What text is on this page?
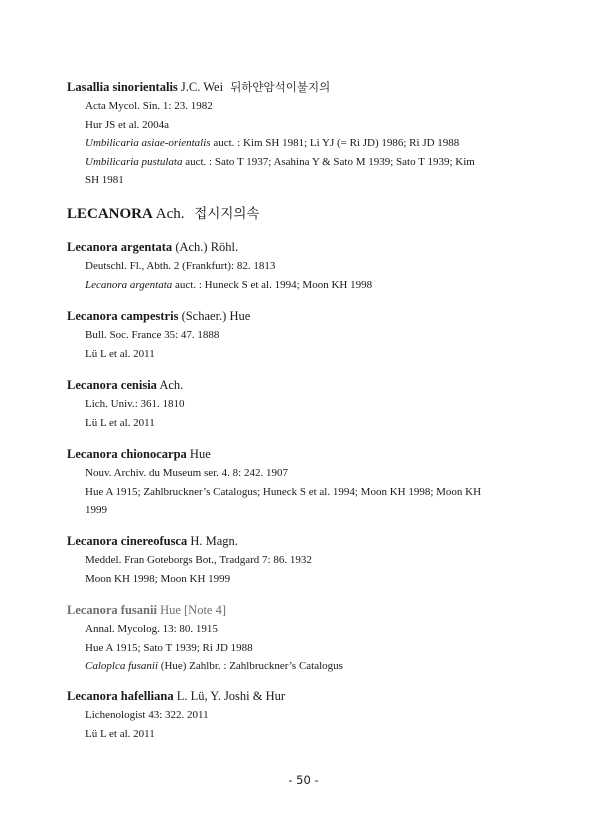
Lasallia sinorientalis J.C. Wei 뒤하얀암석이불지의
Acta Mycol. Sin. 1: 23. 1982
Hur JS et al. 2004a
Umbilicaria asiae-orientalis auct. : Kim SH 1981; Li YJ (= Ri JD) 1986; Ri JD 1988
Umbilicaria pustulata auct. : Sato T 1937; Asahina Y & Sato M 1939; Sato T 1939; Kim
SH 1981
LECANORA Ach. 접시지의속
Lecanora argentata (Ach.) Röhl.
Deutschl. Fl., Abth. 2 (Frankfurt): 82. 1813
Lecanora argentata auct. : Huneck S et al. 1994; Moon KH 1998
Lecanora campestris (Schaer.) Hue
Bull. Soc. France 35: 47. 1888
Lü L et al. 2011
Lecanora cenisia Ach.
Lich. Univ.: 361. 1810
Lü L et al. 2011
Lecanora chionocarpa Hue
Nouv. Archiv. du Museum ser. 4. 8: 242. 1907
Hue A 1915; Zahlbruckner’s Catalogus; Huneck S et al. 1994; Moon KH 1998; Moon KH
1999
Lecanora cinereofusca H. Magn.
Meddel. Fran Goteborgs Bot., Tradgard 7: 86. 1932
Moon KH 1998; Moon KH 1999
Lecanora fusanii Hue [Note 4]
Annal. Mycolog. 13: 80. 1915
Hue A 1915; Sato T 1939; Ri JD 1988
Caloplca fusanii (Hue) Zahlbr. : Zahlbruckner’s Catalogus
Lecanora hafelliana L. Lü, Y. Joshi & Hur
Lichenologist 43: 322. 2011
Lü L et al. 2011
- 50 -
